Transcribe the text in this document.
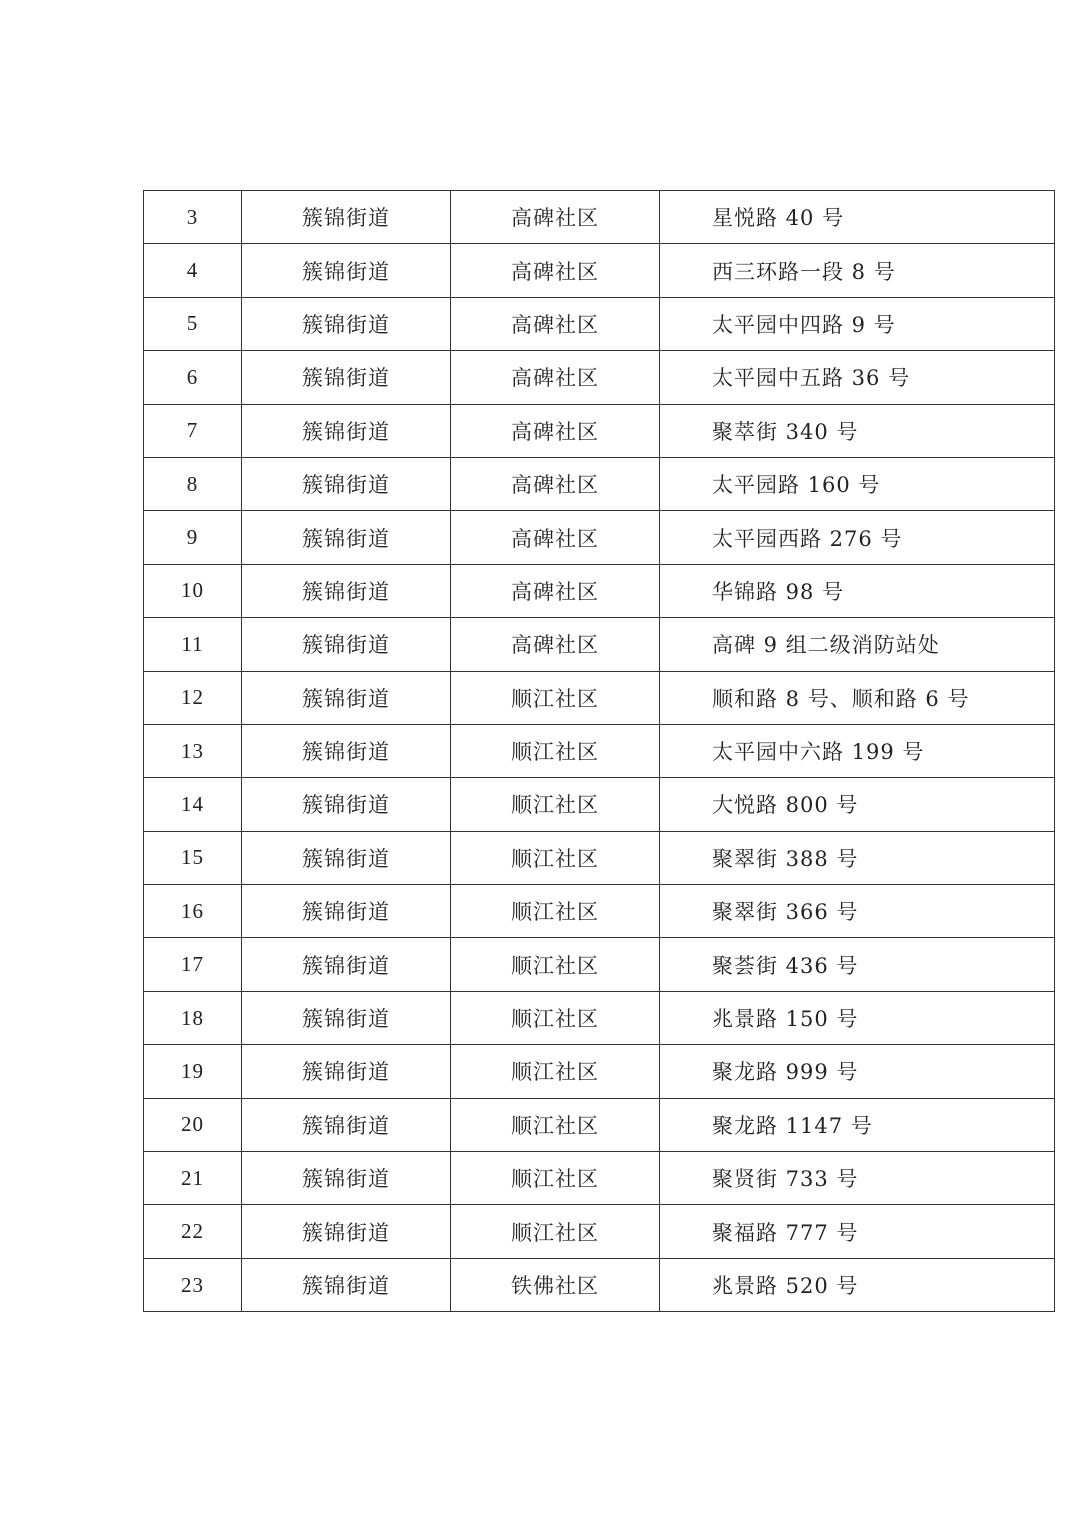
3	簇锦街道	高碑社区	星悦路 40 号
4	簇锦街道	高碑社区	西三环路一段 8 号
5	簇锦街道	高碑社区	太平园中四路 9 号
6	簇锦街道	高碑社区	太平园中五路 36 号
7	簇锦街道	高碑社区	聚萃街 340 号
8	簇锦街道	高碑社区	太平园路 160 号
9	簇锦街道	高碑社区	太平园西路 276 号
10	簇锦街道	高碑社区	华锦路 98 号
11	簇锦街道	高碑社区	高碑 9 组二级消防站处
12	簇锦街道	顺江社区	顺和路 8 号、顺和路 6 号
13	簇锦街道	顺江社区	太平园中六路 199 号
14	簇锦街道	顺江社区	大悦路 800 号
15	簇锦街道	顺江社区	聚翠街 388 号
16	簇锦街道	顺江社区	聚翠街 366 号
17	簇锦街道	顺江社区	聚荟街 436 号
18	簇锦街道	顺江社区	兆景路 150 号
19	簇锦街道	顺江社区	聚龙路 999 号
20	簇锦街道	顺江社区	聚龙路 1147 号
21	簇锦街道	顺江社区	聚贤街 733 号
22	簇锦街道	顺江社区	聚福路 777 号
23	簇锦街道	铁佛社区	兆景路 520 号
